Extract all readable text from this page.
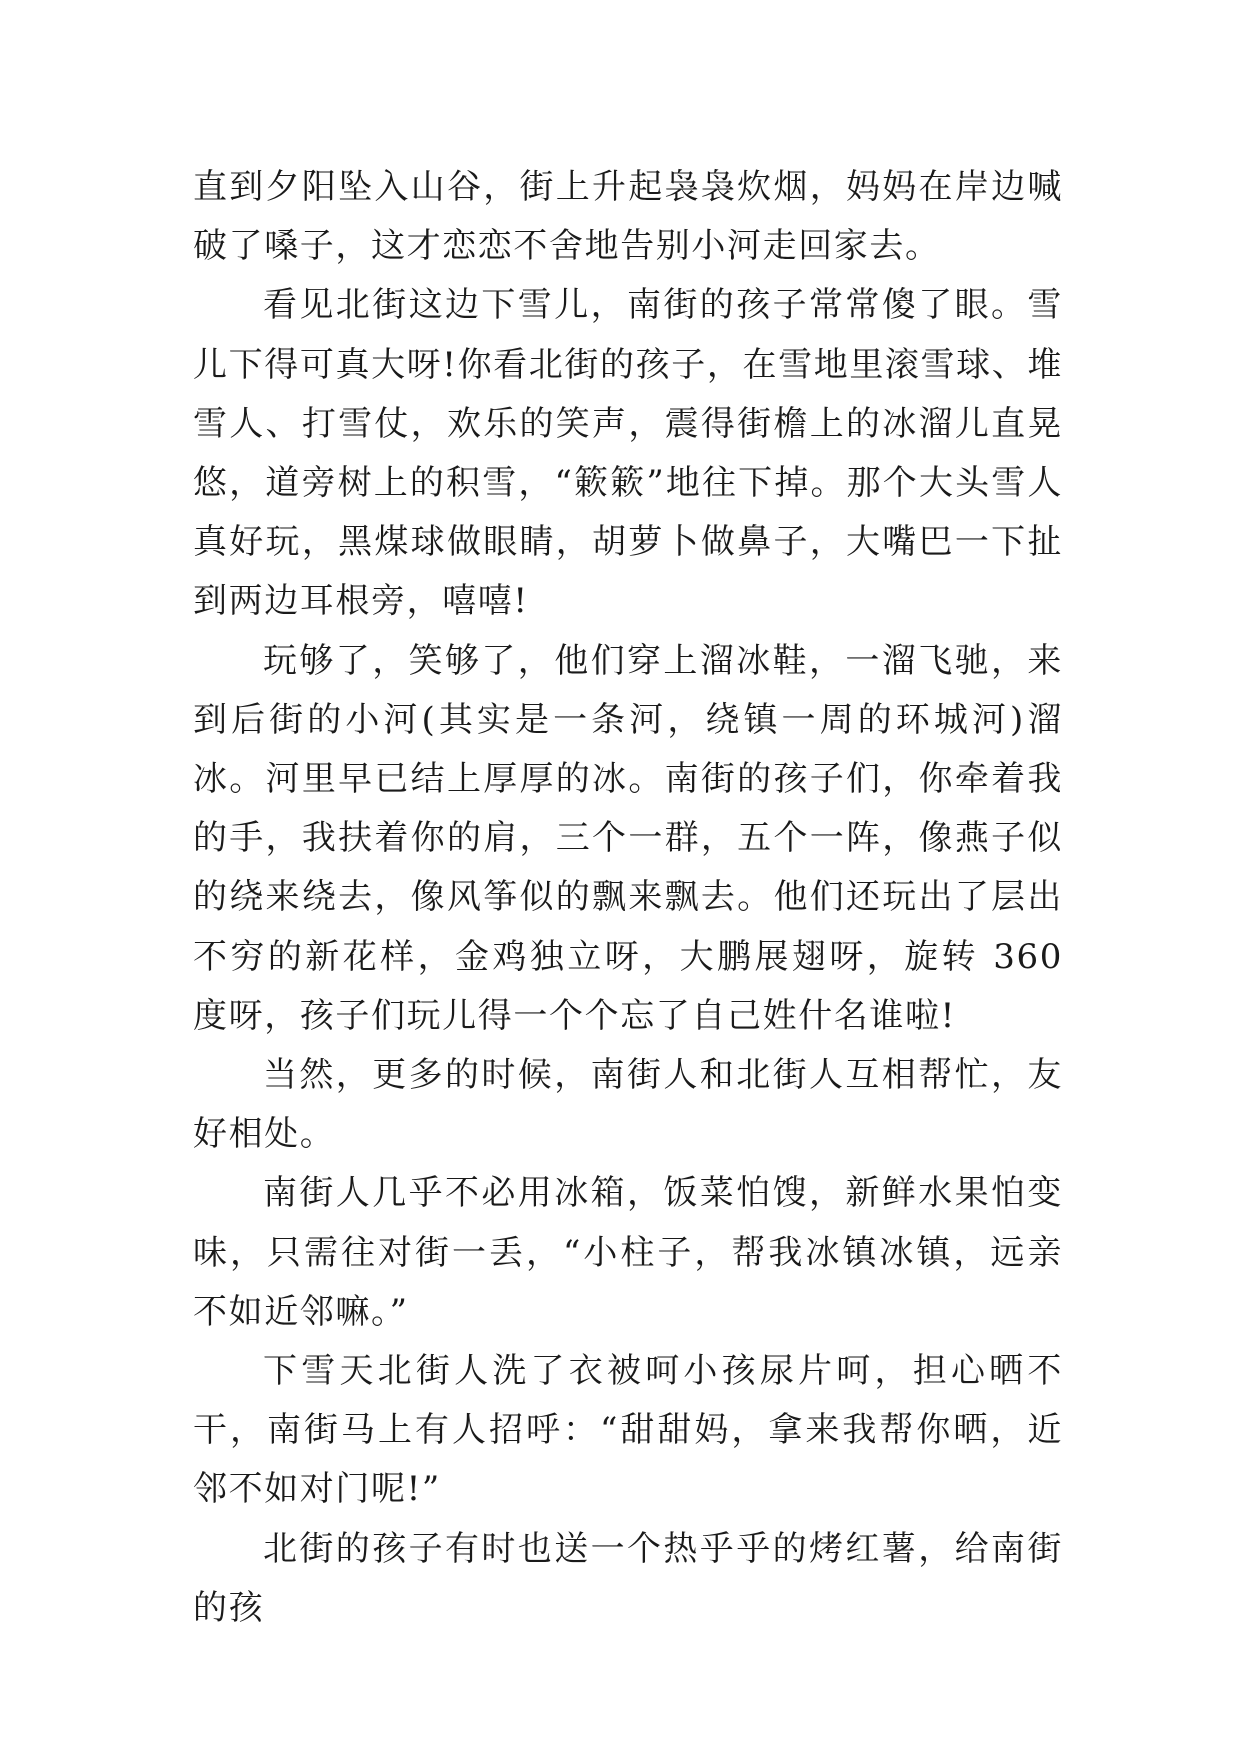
直到夕阳坠入山谷，街上升起袅袅炊烟，妈妈在岸边喊破了嗓子，这才恋恋不舍地告别小河走回家去。

看见北街这边下雪儿，南街的孩子常常傻了眼。雪儿下得可真大呀!你看北街的孩子，在雪地里滚雪球、堆雪人、打雪仗，欢乐的笑声，震得街檐上的冰溜儿直晃悠，道旁树上的积雪，“簌簌”地往下掉。那个大头雪人真好玩，黑煤球做眼睛，胡萝卜做鼻子，大嘴巴一下扯到两边耳根旁，嘻嘻!

玩够了，笑够了，他们穿上溜冰鞋，一溜飞驰，来到后街的小河(其实是一条河，绕镇一周的环城河)溜冰。河里早已结上厚厚的冰。南街的孩子们，你牵着我的手，我扶着你的肩，三个一群，五个一阵，像燕子似的绕来绕去，像风筝似的飘来飘去。他们还玩出了层出不穷的新花样，金鸡独立呀，大鹏展翅呀，旋转 360 度呀，孩子们玩儿得一个个忘了自己姓什名谁啦!

当然，更多的时候，南街人和北街人互相帮忙，友好相处。

南街人几乎不必用冰箱，饭菜怕馊，新鲜水果怕变味，只需往对街一丢，“小柱子，帮我冰镇冰镇，远亲不如近邻嘛。”

下雪天北街人洗了衣被呵小孩尿片呵，担心晒不干，南街马上有人招呼：“甜甜妈，拿来我帮你晒，近邻不如对门呢!”

北街的孩子有时也送一个热乎乎的烤红薯，给南街的孩
